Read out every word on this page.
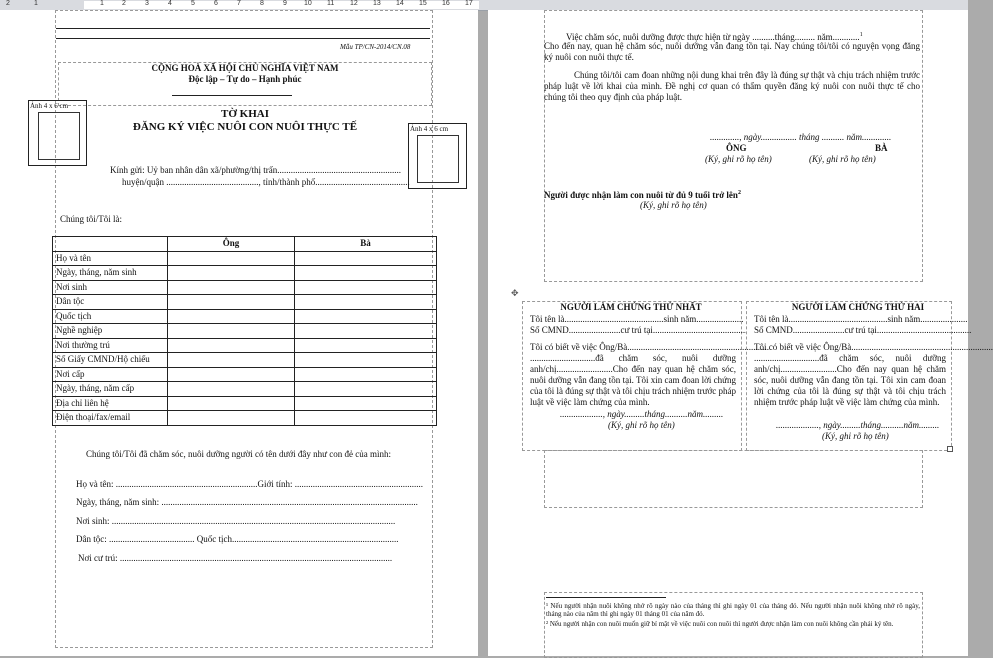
2	1	1	2	3	4	5	6	7	8	9 10 11 12 13 14 15 16 17
Mẫu TP/CN-2014/CN.08
CỘNG HOÀ XÃ HỘI CHỦ NGHĨA VIỆT NAM
Độc lập – Tự do – Hạnh phúc
Ảnh 4 x 6 cm
Ảnh 4 x 6 cm
TỜ KHAI
ĐĂNG KÝ VIỆC NUÔI CON NUÔI THỰC TẾ
Kính gửi: Uỷ ban nhân dân xã/phường/thị trấn.......................................................
huyện/quận ........................................., tỉnh/thành phố..........................................
Chúng tôi/Tôi là:
	Ông	Bà
Họ và tên		
Ngày, tháng, năm sinh		
Nơi sinh		
Dân tộc		
Quốc tịch		
Nghề nghiệp		
Nơi thường trú		
Số Giấy CMND/Hộ chiếu		
Nơi cấp		
Ngày, tháng, năm cấp		
Địa chỉ liên hệ		
Điện thoại/fax/email		
Chúng tôi/Tôi đã chăm sóc, nuôi dưỡng người có tên dưới đây như con đẻ của mình:
Họ và tên: ...............................................................Giới tính: .........................................................
Ngày, tháng, năm sinh: ..................................................................................................................
Nơi sinh: ..............................................................................................................................
Dân tộc: ...................................... Quốc tịch..........................................................................
Nơi cư trú: .........................................................................................................................
Việc chăm sóc, nuôi dưỡng được thực hiện từ ngày ..........tháng......... năm............$^1$
Cho đến nay, quan hệ chăm sóc, nuôi dưỡng vẫn đang tồn tại. Nay chúng tôi/tôi có nguyện vọng đăng ký nuôi con nuôi thực tế.
Chúng tôi/tôi cam đoan những nội dung khai trên đây là đúng sự thật và chịu trách nhiệm trước pháp luật về lời khai của mình. Đề nghị cơ quan có thẩm quyền đăng ký nuôi con nuôi thực tế cho chúng tôi theo quy định của pháp luật.
............., ngày................ tháng .......... năm.............
ÔNG	BÀ
(Ký, ghi rõ họ tên)	(Ký, ghi rõ họ tên)
Người được nhận làm con nuôi từ đủ 9 tuổi trở lên$^2$
(Ký, ghi rõ họ tên)
✥
NGƯỜI LÀM CHỨNG THỨ NHẤT
Tôi tên là............................................sinh năm.....................
Số CMND.......................cư trú tại..........................................
Tôi có biết về việc Ông/Bà...............................................................
.............................đã chăm sóc, nuôi dưỡng anh/chị.........................Cho đến nay quan hệ chăm sóc, nuôi dưỡng vẫn đang tồn tại. Tôi xin cam đoan lời chứng của tôi là đúng sự thật và tôi chịu trách nhiệm trước pháp luật về việc làm chứng của mình.
..................., ngày.........tháng..........năm.........
(Ký, ghi rõ họ tên)
NGƯỜI LÀM CHỨNG THỨ HAI
Tôi tên là............................................sinh năm.....................
Số CMND.......................cư trú tại..........................................
Tôi có biết về việc Ông/Bà...............................................................
.............................đã chăm sóc, nuôi dưỡng anh/chị.........................Cho đến nay quan hệ chăm sóc, nuôi dưỡng vẫn đang tồn tại. Tôi xin cam đoan lời chứng của tôi là đúng sự thật và tôi chịu trách nhiệm trước pháp luật về việc làm chứng của mình.
..................., ngày.........tháng..........năm.........
(Ký, ghi rõ họ tên)
¹ Nếu người nhận nuôi không nhớ rõ ngày nào của tháng thì ghi ngày 01 của tháng đó. Nếu người nhận nuôi không nhớ rõ ngày, tháng nào của năm thì ghi ngày 01 tháng 01 của năm đó.
² Nếu người nhận con nuôi muốn giữ bí mật về việc nuôi con nuôi thì người được nhận làm con nuôi không cần phải ký tên.
